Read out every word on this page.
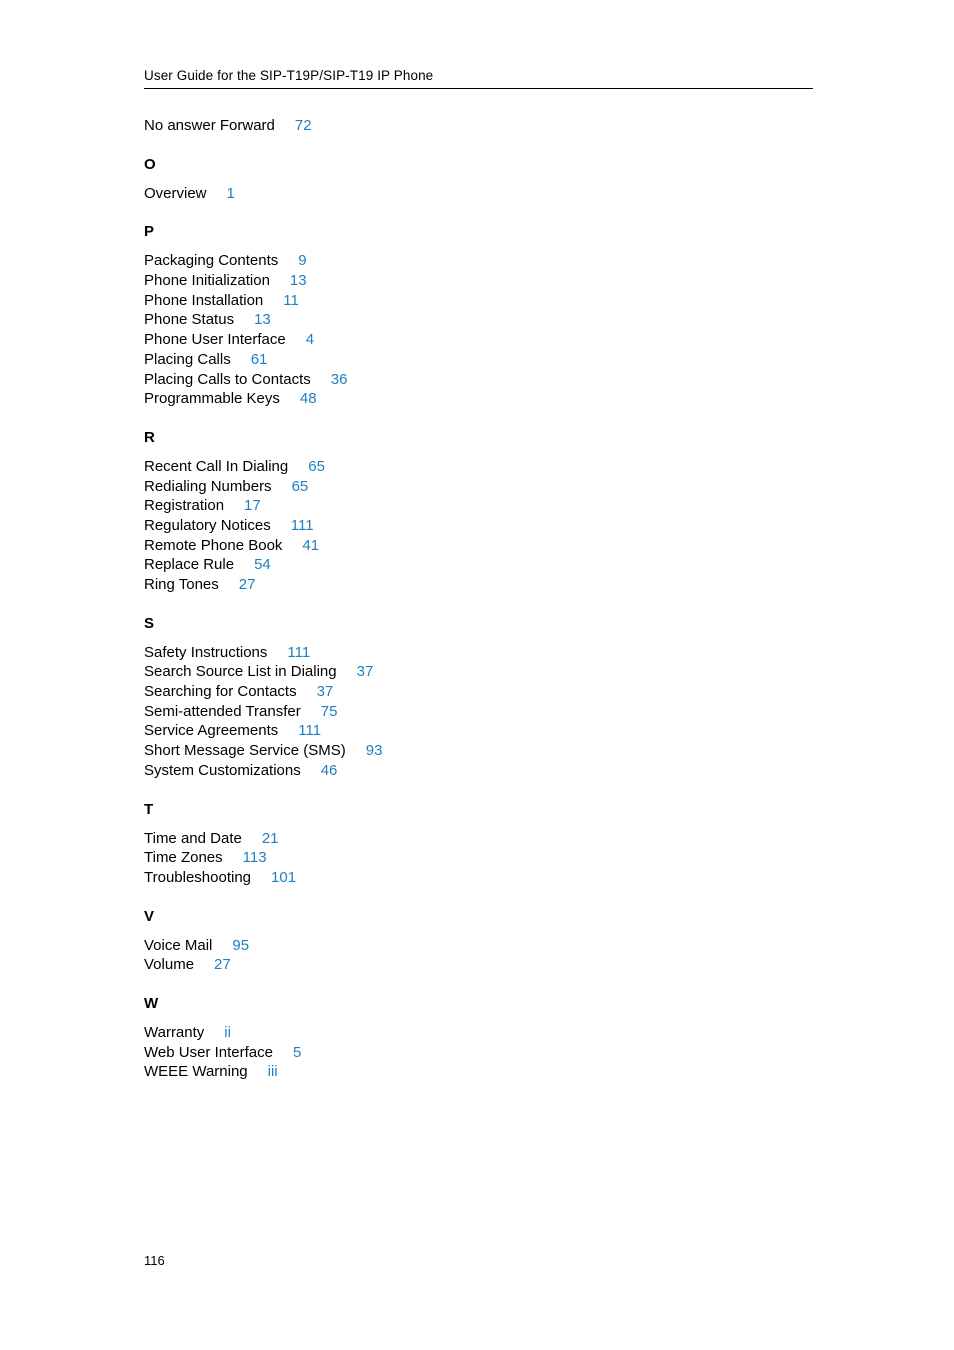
User Guide for the SIP-T19P/SIP-T19 IP Phone
No answer Forward 72
O
Overview 1
P
Packaging Contents 9
Phone Initialization 13
Phone Installation 11
Phone Status 13
Phone User Interface 4
Placing Calls 61
Placing Calls to Contacts 36
Programmable Keys 48
R
Recent Call In Dialing 65
Redialing Numbers 65
Registration 17
Regulatory Notices 111
Remote Phone Book 41
Replace Rule 54
Ring Tones 27
S
Safety Instructions 111
Search Source List in Dialing 37
Searching for Contacts 37
Semi-attended Transfer 75
Service Agreements 111
Short Message Service (SMS) 93
System Customizations 46
T
Time and Date 21
Time Zones 113
Troubleshooting 101
V
Voice Mail 95
Volume 27
W
Warranty ii
Web User Interface 5
WEEE Warning iii
116
